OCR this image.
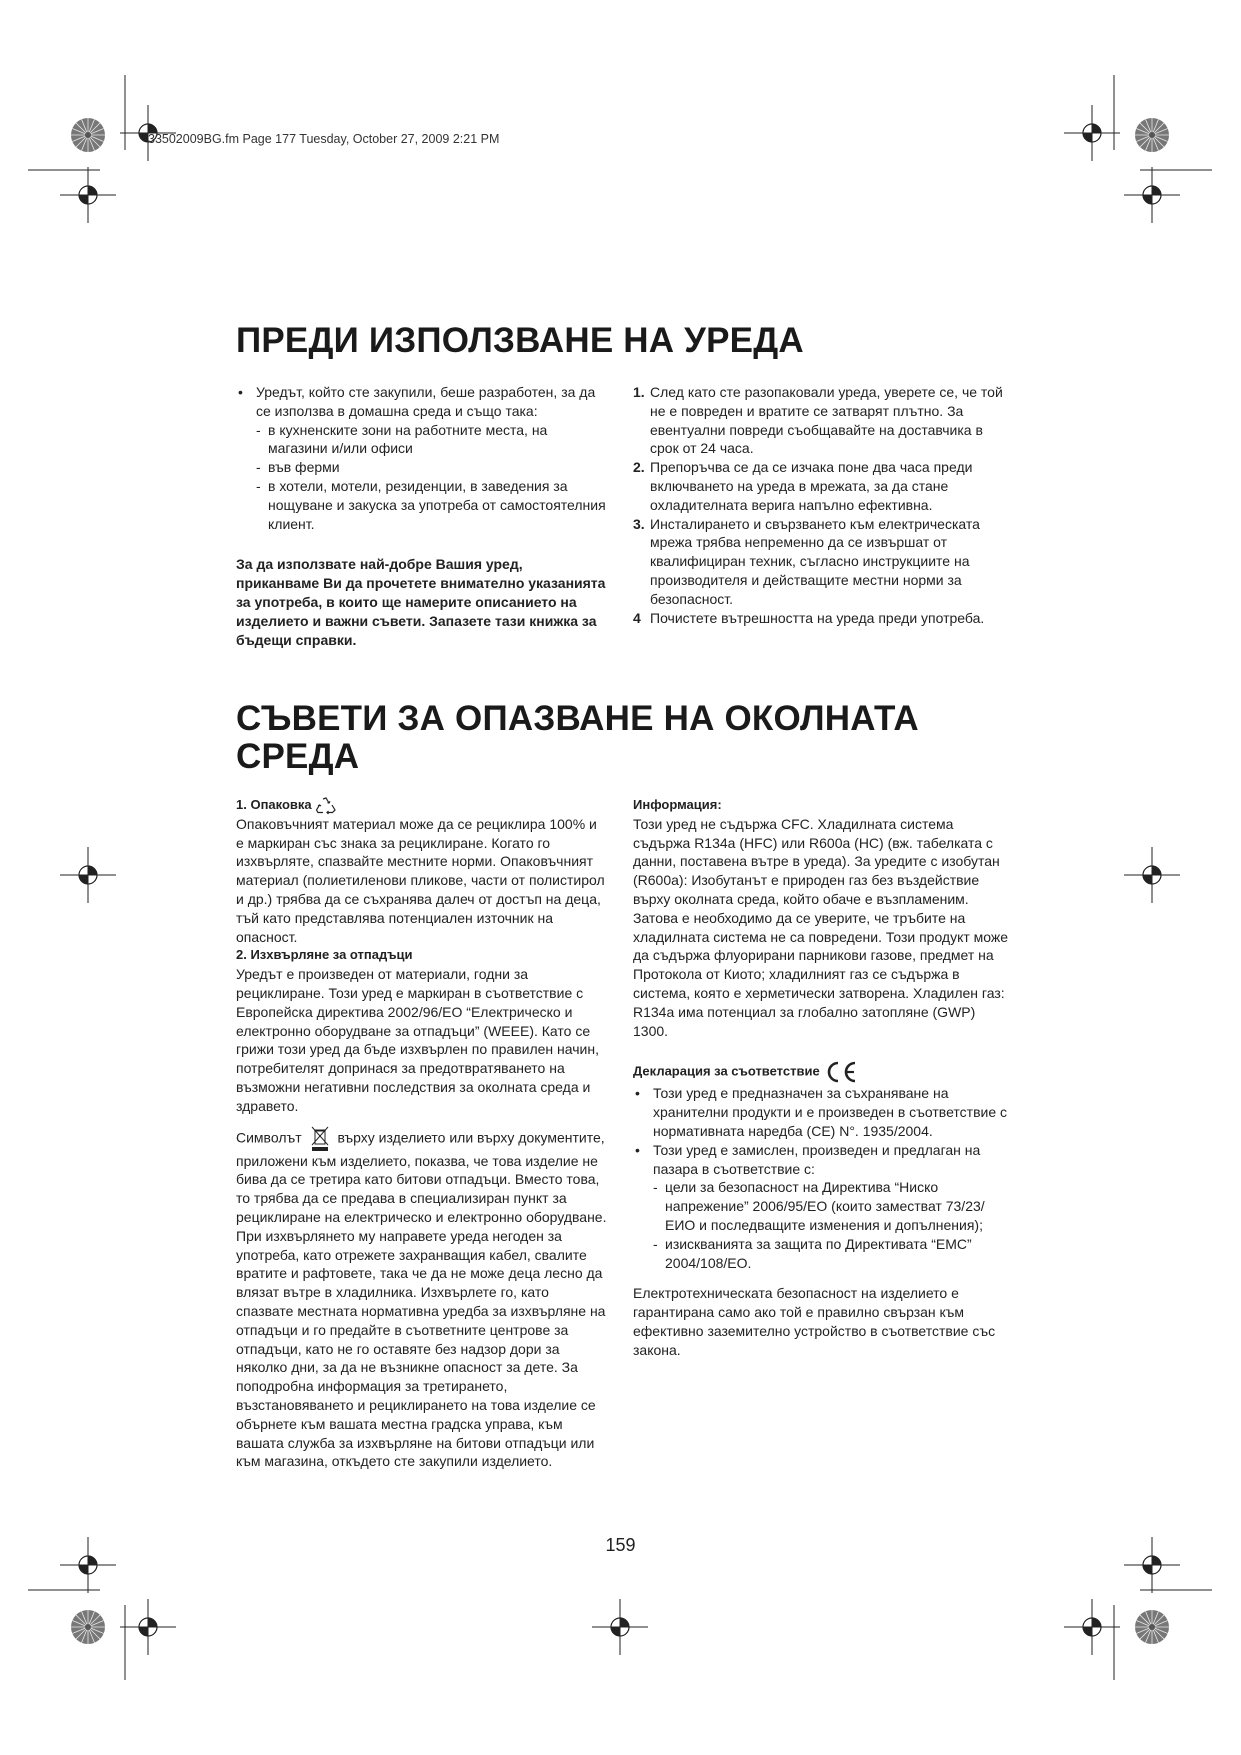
33502009BG.fm Page 177 Tuesday, October 27, 2009 2:21 PM
ПРЕДИ ИЗПОЛЗВАНЕ НА УРЕДА
• Уредът, който сте закупили, беше разработен, за да се използва в домашна среда и също така:
- в кухненските зони на работните места, на магазини и/или офиси
- във ферми
- в хотели, мотели, резиденции, в заведения за нощуване и закуска за употреба от самостоятелния клиент.

За да използвате най-добре Вашия уред, приканваме Ви да прочетете внимателно указанията за употреба, в които ще намерите описанието на изделието и важни съвети. Запазете тази книжка за бъдещи справки.

1. След като сте разопаковали уреда, уверете се, че той не е повреден и вратите се затварят плътно. За евентуални повреди съобщавайте на доставчика в срок от 24 часа.
2. Препоръчва се да се изчака поне два часа преди включването на уреда в мрежата, за да стане охладителната верига напълно ефективна.
3. Инсталирането и свързването към електрическата мрежа трябва непременно да се извършат от квалифициран техник, съгласно инструкциите на производителя и действащите местни норми за безопасност.
4 Почистете вътрешността на уреда преди употреба.
СЪВЕТИ ЗА ОПАЗВАНЕ НА ОКОЛНАТА
СРЕДА

1. Опаковка

Опаковъчният материал може да се рециклира 100% и е маркиран със знака за рециклиране. Когато го изхвърляте, спазвайте местните норми. Опаковъчният материал (полиетиленови пликове, части от полистирол и др.) трябва да се съхранява далеч от достъп на деца, тъй като представлява потенциален източник на опасност.

2. Изхвърляне за отпадъци

Уредът е произведен от материали, годни за рециклиране. Този уред е маркиран в съответствие с Европейска директива 2002/96/ЕО “Електрическо и електронно оборудване за отпадъци” (WEEE). Като се грижи този уред да бъде изхвърлен по правилен начин, потребителят допринася за предотвратяването на възможни негативни последствия за околната среда и здравето.

Символът	върху изделието или върху документите, приложени към изделието, показва, че това изделие не бива да се третира като битови отпадъци. Вместо това, то трябва да се предава в специализиран пункт за рециклиране на електрическо и електронно оборудване. При изхвърлянето му направете уреда негоден за употреба, като отрежете захранващия кабел, свалите вратите и рафтовете, така че да не може деца лесно да влязат вътре в хладилника. Изхвърлете го, като спазвате местната нормативна уредба за изхвърляне на отпадъци и го предайте в съответните центрове за отпадъци, като не го оставяте без надзор дори за няколко дни, за да не възникне опасност за дете. За поподробна информация за третирането, възстановяването и рециклирането на това изделие се обърнете към вашата местна градска управа, към вашата служба за изхвърляне на битови отпадъци или към магазина, откъдето сте закупили изделието.

Информация:

Този уред не съдържа CFC. Хладилната система съдържа R134a (HFC) или R600a (HC) (вж. табелката с данни, поставена вътре в уреда). За уредите с изобутан (R600a): Изобутанът е природен газ без въздействие върху околната среда, който обаче е възпламеним. Затова е необходимо да се уверите, че тръбите на хладилната система не са повредени. Този продукт може да съдържа флуорирани парникови газове, предмет на Протокола от Киото; хладилният газ се съдържа в система, която е херметически затворена. Хладилен газ: R134a има потенциал за глобално затопляне (GWP) 1300.

Декларация за съответствие

• Този уред е предназначен за съхраняване на хранителни продукти и е произведен в съответствие с нормативната наредба (CE) N°. 1935/2004.
• Този уред е замислен, произведен и предлаган на пазара в съответствие с:
- цели за безопасност на Директива “Ниско напрежение” 2006/95/ЕО (които заместват 73/23/ЕИО и последващите изменения и допълнения);
- изискванията за защита по Директивата “EMC” 2004/108/ЕО.

Електротехническата безопасност на изделието е гарантирана само ако той е правилно свързан към ефективно заземително устройство в съответствие със закона.

159
